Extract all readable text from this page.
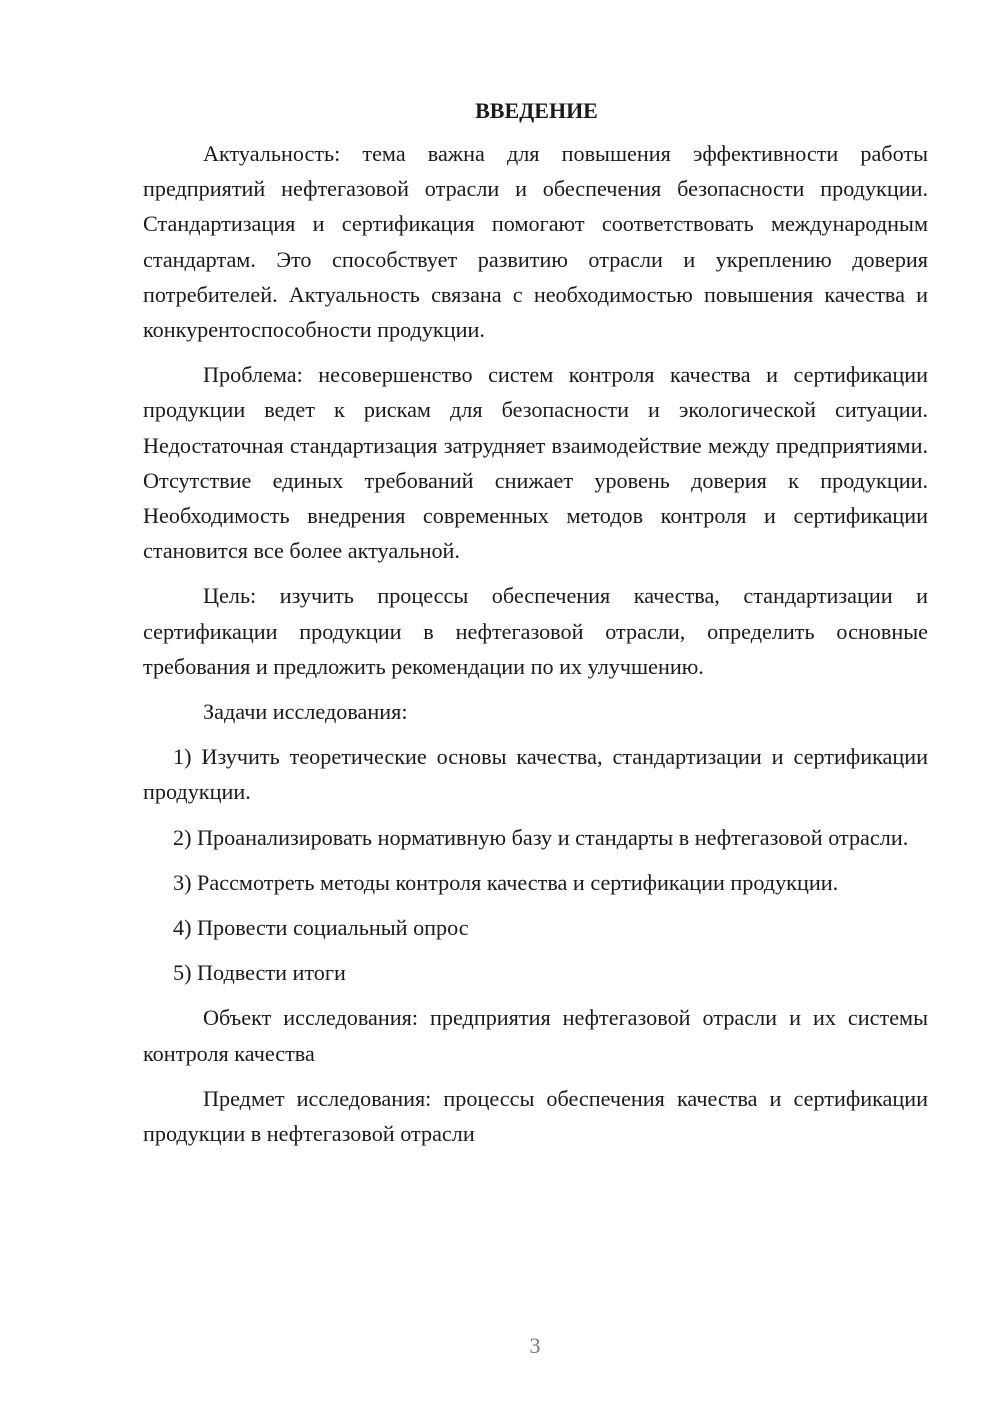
ВВЕДЕНИЕ

Актуальность: тема важна для повышения эффективности работы предприятий нефтегазовой отрасли и обеспечения безопасности продукции. Стандартизация и сертификация помогают соответствовать международным стандартам. Это способствует развитию отрасли и укреплению доверия потребителей. Актуальность связана с необходимостью повышения качества и конкурентоспособности продукции.

Проблема: несовершенство систем контроля качества и сертификации продукции ведет к рискам для безопасности и экологической ситуации. Недостаточная стандартизация затрудняет взаимодействие между предприятиями. Отсутствие единых требований снижает уровень доверия к продукции. Необходимость внедрения современных методов контроля и сертификации становится все более актуальной.

Цель: изучить процессы обеспечения качества, стандартизации и сертификации продукции в нефтегазовой отрасли, определить основные требования и предложить рекомендации по их улучшению.

Задачи исследования:

1) Изучить теоретические основы качества, стандартизации и сертификации продукции.

2) Проанализировать нормативную базу и стандарты в нефтегазовой отрасли.

3) Рассмотреть методы контроля качества и сертификации продукции.

4) Провести социальный опрос

5) Подвести итоги

Объект исследования: предприятия нефтегазовой отрасли и их системы контроля качества

Предмет исследования: процессы обеспечения качества и сертификации продукции в нефтегазовой отрасли

3
